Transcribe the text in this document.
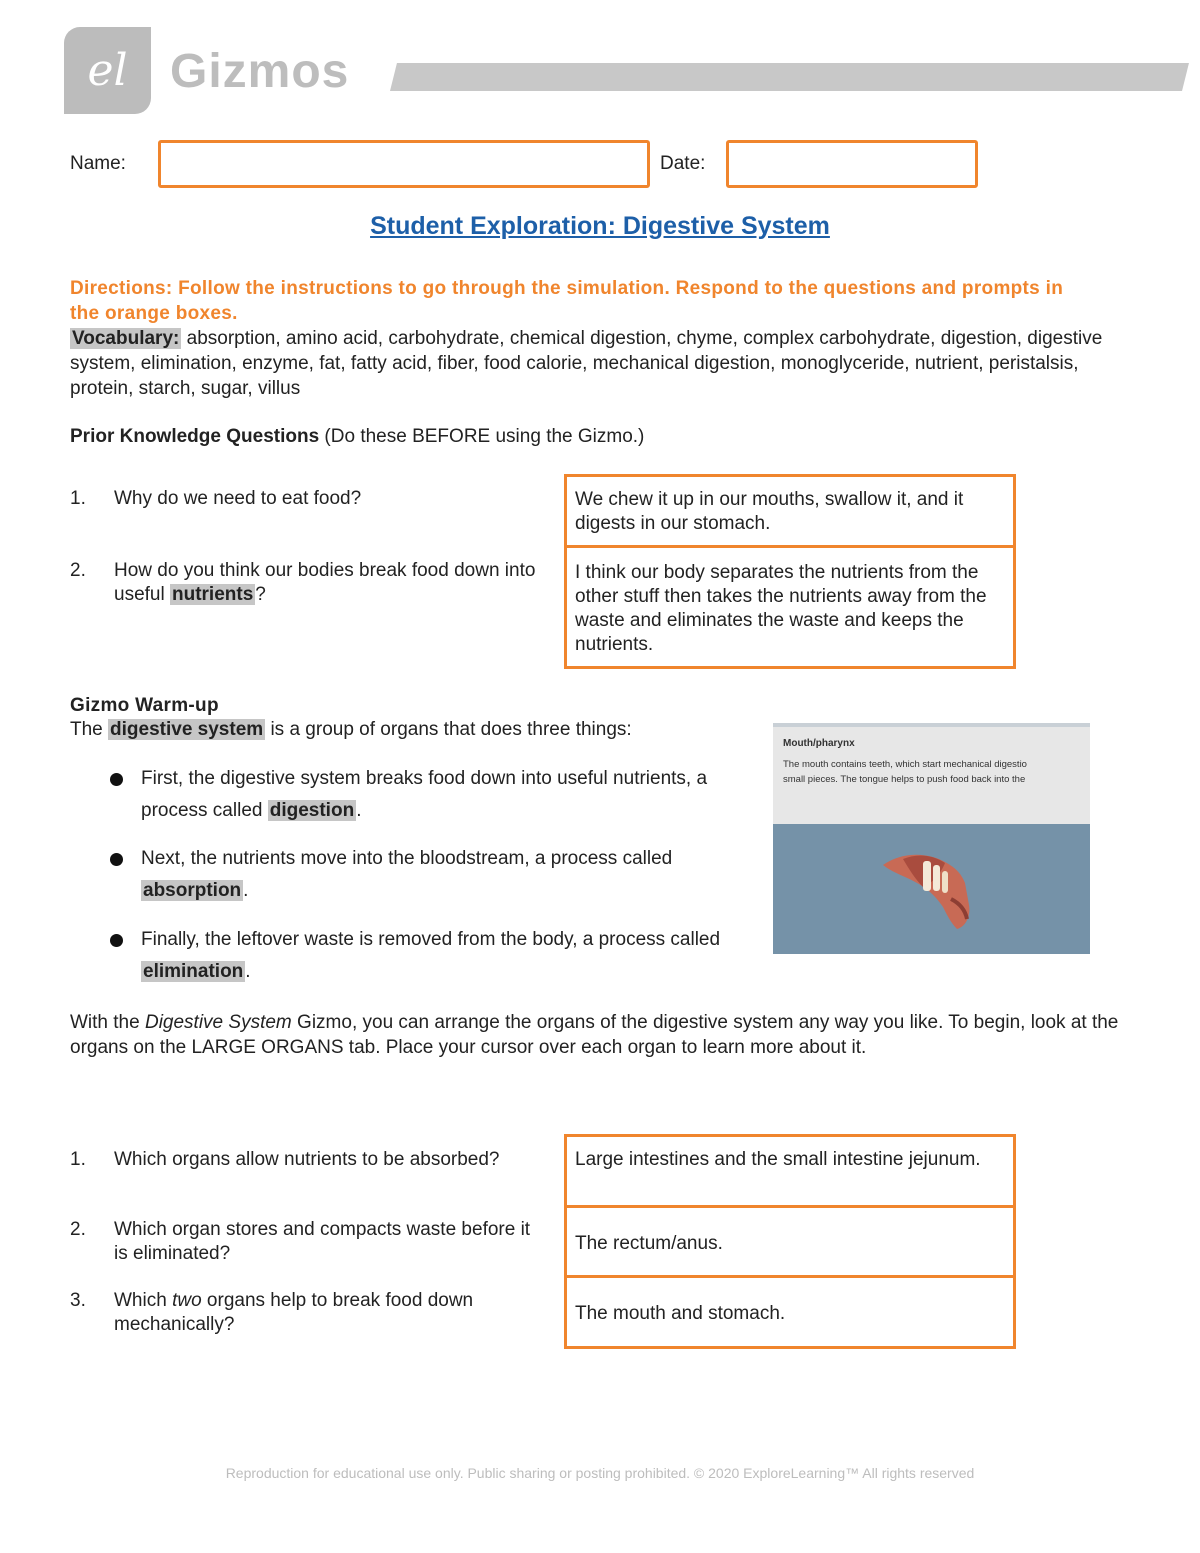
el Gizmos
Name:	Date:
Student Exploration: Digestive System
Directions: Follow the instructions to go through the simulation. Respond to the questions and prompts in the orange boxes.
Vocabulary: absorption, amino acid, carbohydrate, chemical digestion, chyme, complex carbohydrate, digestion, digestive system, elimination, enzyme, fat, fatty acid, fiber, food calorie, mechanical digestion, monoglyceride, nutrient, peristalsis, protein, starch, sugar, villus
Prior Knowledge Questions (Do these BEFORE using the Gizmo.)
1. Why do we need to eat food?
2. How do you think our bodies break food down into useful nutrients ?
We chew it up in our mouths, swallow it, and it digests in our stomach.
I think our body separates the nutrients from the other stuff then takes the nutrients away from the waste and eliminates the waste and keeps the nutrients.
Gizmo Warm-up
The digestive system is a group of organs that does three things:
First, the digestive system breaks food down into useful nutrients, a process called digestion .
Next, the nutrients move into the bloodstream, a process called absorption .
Finally, the leftover waste is removed from the body, a process called elimination .
Mouth/pharynx
The mouth contains teeth, which start mechanical digestio
small pieces. The tongue helps to push food back into the
With the Digestive System Gizmo, you can arrange the organs of the digestive system any way you like. To begin, look at the organs on the LARGE ORGANS tab. Place your cursor over each organ to learn more about it.
1. Which organs allow nutrients to be absorbed?
2. Which organ stores and compacts waste before it is eliminated?
3. Which two organs help to break food down mechanically?
Large intestines and the small intestine jejunum.
The rectum/anus.
The mouth and stomach.
Reproduction for educational use only. Public sharing or posting prohibited. © 2020 ExploreLearning™ All rights reserved
